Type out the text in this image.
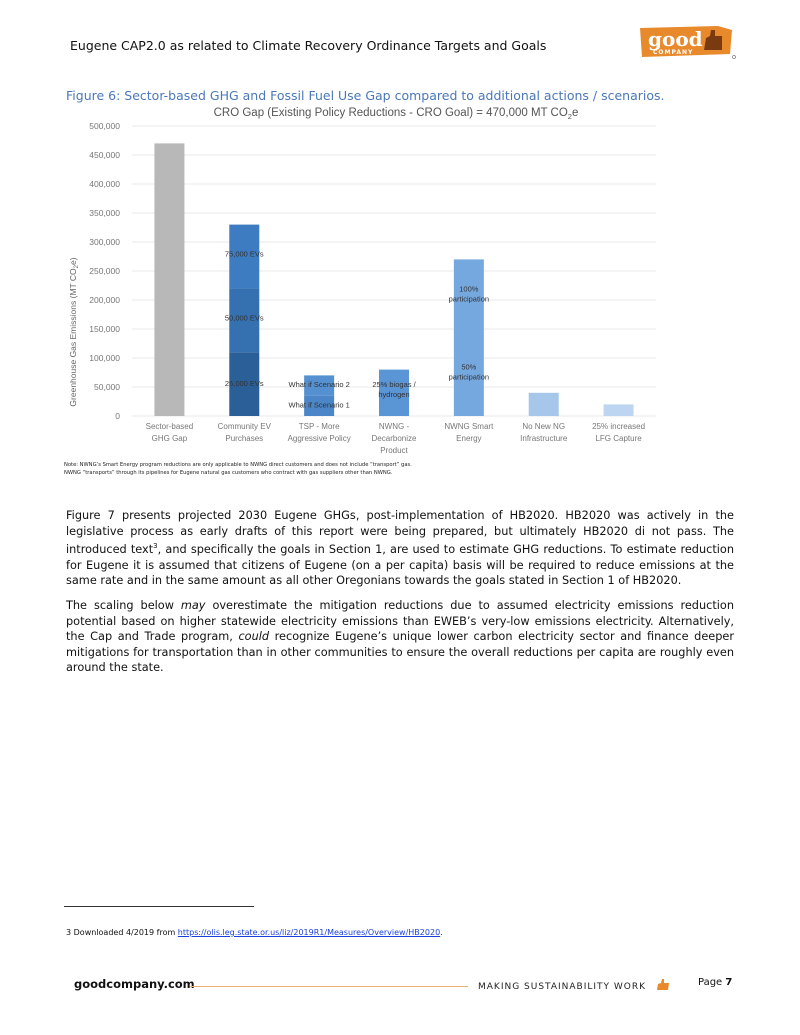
Eugene CAP2.0 as related to Climate Recovery Ordinance Targets and Goals	good
COMPANY
Figure 6: Sector-based GHG and Fossil Fuel Use Gap compared to additional actions / scenarios.
CRO Gap (Existing Policy Reductions - CRO Goal) = 470,000 MT $CO_2e$
0
50,000
100,000
150,000
200,000
250,000
300,000
350,000
400,000
450,000
500,000
Greenhouse Gas Emissions (MT $CO_2e$)
75,000 EVs
50,000 EVs
25,000 EVs	What if Scenario 2
What if Scenario 1
25% biogas / hydrogen
100% participation
50% participation
Sector-based GHG Gap
Community EV Purchases
TSP - More Aggressive Policy
NWNG -Decarbonize Product
NWNG Smart Energy
No New NG Infrastructure
25% increased LFG Capture
Note: NWNG’s Smart Energy program reductions are only applicable to NWNG direct customers and does not include “transport” gas.
NWNG “transports” through its pipelines for Eugene natural gas customers who contract with gas suppliers other than NWNG.
Figure 7 presents projected 2030 Eugene GHGs, post-implementation of HB2020. HB2020 was actively in the legislative process as early drafts of this report were being prepared, but ultimately HB2020 di not pass. The introduced text$^3$, and specifically the goals in Section 1, are used to estimate GHG reductions. To estimate reduction for Eugene it is assumed that citizens of Eugene (on a per capita) basis will be required to reduce emissions at the same rate and in the same amount as all other Oregonians towards the goals stated in Section 1 of HB2020.
The scaling below may overestimate the mitigation reductions due to assumed electricity emissions reduction potential based on higher statewide electricity emissions than EWEB’s very-low emissions electricity. Alternatively, the Cap and Trade program, could recognize Eugene’s unique lower carbon electricity sector and finance deeper mitigations for transportation than in other communities to ensure the overall reductions per capita are roughly even around the state.
3 Downloaded 4/2019 from https://olis.leg.state.or.us/liz/2019R1/Measures/Overview/HB2020.
goodcompany.com	MAKING SUSTAINABILITY WORK	Page 7
